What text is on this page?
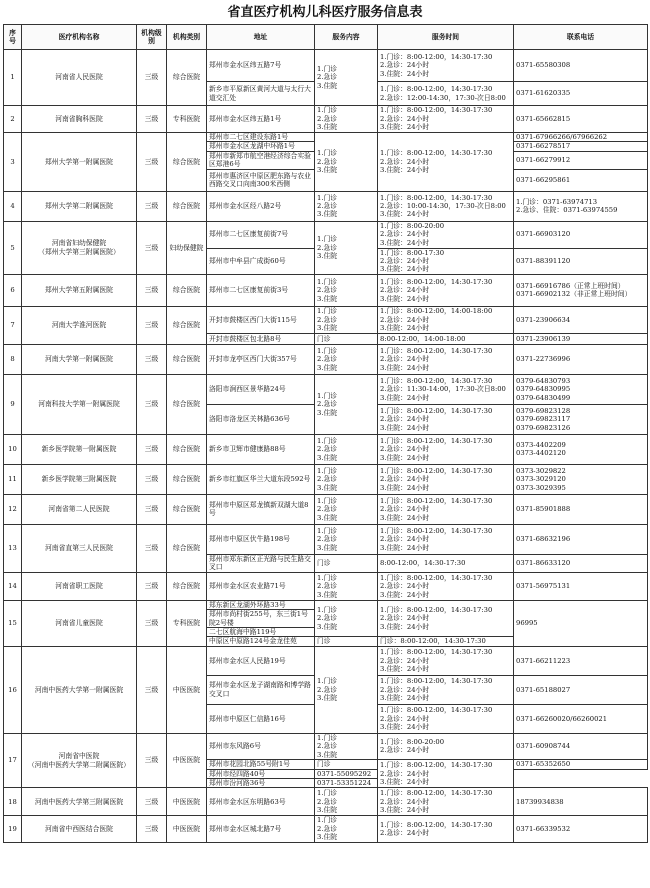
省直医疗机构儿科医疗服务信息表
序号	医疗机构名称	机构级别	机构类别	地址	服务内容	服务时间	联系电话
1	河南省人民医院	三级	综合医院	郑州市金水区纬五路7号	1.门诊
2.急诊
3.住院	1.门诊：8:00-12:00，14:30-17:30
2.急诊：24小时
3.住院：24小时	0371-65580308
				新乡市平原新区黄河大道与太行大道交汇处		1.门诊：8:00-12:00，14:30-17:30
2.急诊：12:00-14:30，17:30-次日8:00	0371-61620335
2	河南省胸科医院	三级	专科医院	郑州市金水区纬五路1号	1.门诊
2.急诊
3.住院	1.门诊：8:00-12:00，14:30-17:30
2.急诊：24小时
3.住院：24小时	0371-65662815
3	郑州大学第一附属医院	三级	综合医院	郑州市二七区建设东路1号	1.门诊
2.急诊
3.住院	1.门诊：8:00-12:00，14:30-17:30
2.急诊：24小时
3.住院：24小时	0371-67966266/67966262
				郑州市金水区龙湖中环路1号			0371-66278517
				郑州市新郑市航空港经济综合实验区郑港6号			0371-66279912
				郑州市惠济区中原区肥东路与农业西路交叉口向南300米西侧			0371-66295861
4	郑州大学第二附属医院	三级	综合医院	郑州市金水区经八路2号	1.门诊
2.急诊
3.住院	1.门诊：8:00-12:00，14:30-17:30
2.急诊：10:00-14:30，17:30-次日8:00
3.住院：24小时	1.门诊：0371-63974713
2.急诊、住院：0371-63974559
5	河南省妇幼保健院
（郑州大学第三附属医院）	三级	妇幼保健院	郑州市二七区康复前街7号	1.门诊
2.急诊
3.住院	1.门诊：8:00-20:00
2.急诊：24小时
3.住院：24小时	0371-66903120
				郑州市中牟县广成街60号		1.门诊：8:00-17:30
2.急诊：24小时
3.住院：24小时	0371-88391120
6	郑州大学第五附属医院	三级	综合医院	郑州市二七区康复前街3号	1.门诊
2.急诊
3.住院	1.门诊：8:00-12:00，14:30-17:30
2.急诊：24小时
3.住院：24小时	0371-66916786（正常上班时间）
0371-66902132（非正常上班时间）
7	河南大学淮河医院	三级	综合医院	开封市鼓楼区西门大街115号	1.门诊
2.急诊
3.住院	1.门诊：8:00-12:00，14:00-18:00
2.急诊：24小时
3.住院：24小时	0371-23906634
				开封市鼓楼区包北路8号	门诊	8:00-12:00，14:00-18:00	0371-23906139
8	河南大学第一附属医院	三级	综合医院	开封市龙亭区西门大街357号	1.门诊
2.急诊
3.住院	1.门诊：8:00-12:00，14:30-17:30
2.急诊：24小时
3.住院：24小时	0371-22736996
9	河南科技大学第一附属医院	三级	综合医院	洛阳市涧西区景华路24号	1.门诊
2.急诊
3.住院	1.门诊：8:00-12:00，14:30-17:30
2.急诊：11:30-14:00，17:30-次日8:00
3.住院：24小时	0379-64830793
0379-64830995
0379-64830499
				洛阳市洛龙区关林路636号		1.门诊：8:00-12:00，14:30-17:30
2.急诊：24小时
3.住院：24小时	0379-69823128
0379-69823117
0379-69823126
10	新乡医学院第一附属医院	三级	综合医院	新乡市卫辉市健康路88号	1.门诊
2.急诊
3.住院	1.门诊：8:00-12:00，14:30-17:30
2.急诊：24小时
3.住院：24小时	0373-4402209
0373-4402120
11	新乡医学院第三附属医院	三级	综合医院	新乡市红旗区华兰大道东段592号	1.门诊
2.急诊
3.住院	1.门诊：8:00-12:00，14:30-17:30
2.急诊：24小时
3.住院：24小时	0373-3029822
0373-3029120
0373-3029395
12	河南省第二人民医院	三级	综合医院	郑州市中原区郑龙镇新双湖大道8号	1.门诊
2.急诊
3.住院	1.门诊：8:00-12:00，14:30-17:30
2.急诊：24小时
3.住院：24小时	0371-85901888
13	河南省直第三人民医院	三级	综合医院	郑州市中原区伏牛路198号	1.门诊
2.急诊
3.住院	1.门诊：8:00-12:00，14:30-17:30
2.急诊：24小时
3.住院：24小时	0371-68632196
				郑州市郑东新区正光路与民生路交叉口	门诊	8:00-12:00，14:30-17:30	0371-86633120
14	河南省职工医院	三级	综合医院	郑州市金水区农业路71号	1.门诊
2.急诊
3.住院	1.门诊：8:00-12:00，14:30-17:30
2.急诊：24小时
3.住院：24小时	0371-56975131
15	河南省儿童医院	三级	专科医院	郑东新区龙湖外环路33号	1.门诊
2.急诊
3.住院	1.门诊：8:00-12:00，14:30-17:30
2.急诊：24小时
3.住院：24小时	96995
				郑州市尚村街255号，东三街1号院2号楼			
				二七区航海中路119号			
				中原区中原路124号金龙佳苑	门诊	门诊：8:00-12:00，14:30-17:30	
16	河南中医药大学第一附属医院	三级	中医医院	郑州市金水区人民路19号	1.门诊
2.急诊
3.住院	1.门诊：8:00-12:00，14:30-17:30
2.急诊：24小时
3.住院：24小时	0371-66211223
				郑州市金水区龙子湖南路和博学路交叉口		1.门诊：8:00-12:00，14:30-17:30
2.急诊：24小时
3.住院：24小时	0371-65188027
				郑州市中原区仁信路16号		1.门诊：8:00-12:00，14:30-17:30
2.急诊：24小时
3.住院：24小时	0371-66260020/66260021
17	河南省中医院
（河南中医药大学第二附属医院）	三级	中医医院	郑州市东风路6号	1.门诊
2.急诊
3.住院	1.门诊：8:00-20:00
2.急诊：24小时	0371-60908744
				郑州市花园北路55号附1号	门诊	1.门诊：8:00-12:00，14:30-17:30
2.急诊：24小时
3.住院：24小时	0371-65352650
				郑州市经四路40号	0371-55095292		
				郑州市汾河路36号	0371-53351224		
18	河南中医药大学第三附属医院	三级	中医医院	郑州市金水区东明路63号	1.门诊
2.急诊
3.住院	1.门诊：8:00-12:00，14:30-17:30
2.急诊：24小时
3.住院：24小时	18739934838
19	河南省中西医结合医院	三级	中医医院	郑州市金水区城北路7号	1.门诊
2.急诊
3.住院	1.门诊：8:00-12:00，14:30-17:30
2.急诊：24小时	0371-66339532
